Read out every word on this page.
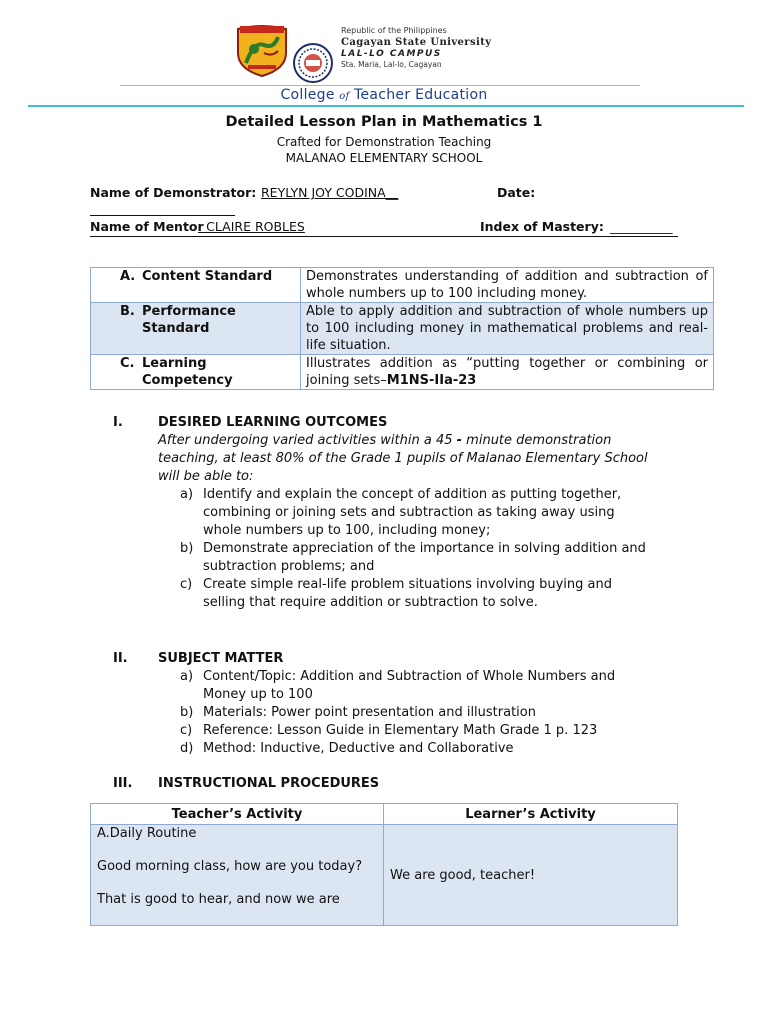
Republic of the Philippines
Cagayan State University
LAL-LO CAMPUS
Sta. Maria, Lal-lo, Cagayan
College of Teacher Education
Detailed Lesson Plan in Mathematics 1
Crafted for Demonstration Teaching
MALANAO ELEMENTARY SCHOOL
Name of Demonstrator: REYLYN JOY CODINA__	Date:
Name of Mentor
: CLAIRE ROBLES	Index of Mastery: __________
A. Content Standard	Demonstrates understanding of addition and subtraction of whole numbers up to 100 including money.

B. Performance Standard	Able to apply addition and subtraction of whole numbers up to 100 including money in mathematical problems and real-life situation.

C. Learning Competency	Illustrates addition as “putting together or combining or joining sets–M1NS-IIa-23
I.	DESIRED LEARNING OUTCOMES
After undergoing varied activities within a 45 - minute demonstration teaching, at least 80% of the Grade 1 pupils of Malanao Elementary School will be able to:
a) Identify and explain the concept of addition as putting together, combining or joining sets and subtraction as taking away using whole numbers up to 100, including money;
b) Demonstrate appreciation of the importance in solving addition and subtraction problems; and
c) Create simple real-life problem situations involving buying and selling that require addition or subtraction to solve.
II. SUBJECT MATTER
a) Content/Topic: Addition and Subtraction of Whole Numbers and Money up to 100
b) Materials: Power point presentation and illustration
c) Reference: Lesson Guide in Elementary Math Grade 1 p. 123
d) Method: Inductive, Deductive and Collaborative
III. INSTRUCTIONAL PROCEDURES
Teacher’s Activity	Learner’s Activity

A.Daily Routine
Good morning class, how are you today?
That is good to hear, and now we are	We are good, teacher!
